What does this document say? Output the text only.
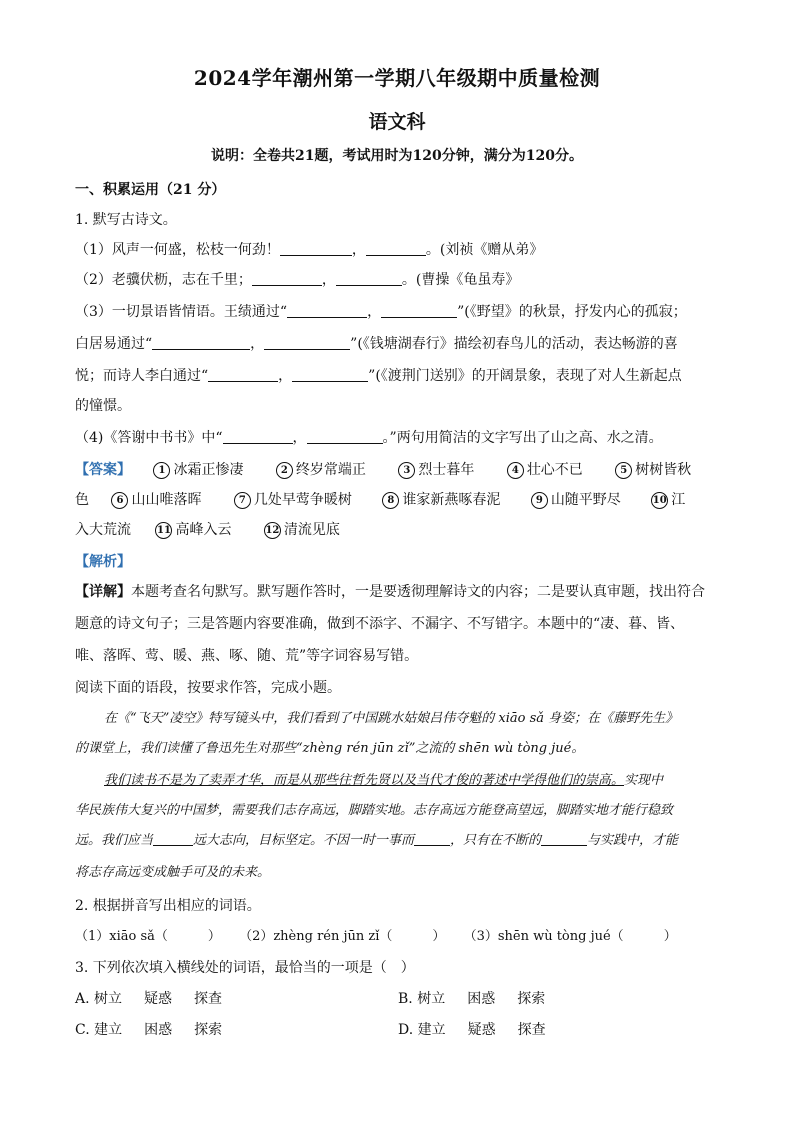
2024学年潮州第一学期八年级期中质量检测
语文科
说明：全卷共21题，考试用时为120分钟，满分为120分。
一、积累运用（21 分）
1. 默写古诗文。
（1）风声一何盛，松枝一何劲！	，	。(刘祯《赠从弟》
（2）老骥伏枥，志在千里；	，	。(曹操《龟虽寿》
（3）一切景语皆情语。王绩通过“	，	”(《野望》的秋景，抒发内心的孤寂；
白居易通过“	，	”(《钱塘湖春行》描绘初春鸟儿的活动，表达畅游的喜
悦；而诗人李白通过“	，	”(《渡荆门送别》的开阔景象，表现了对人生新起点
的憧憬。
（4)《答谢中书书》中“	，	。”两句用简洁的文字写出了山之高、水之清。
【答案】	1 冰霜正惨凄	2 终岁常端正	3 烈士暮年	4 壮心不已	5 树树皆秋
色	6 山山唯落晖	7 几处早莺争暖树	8 谁家新燕啄春泥	9 山随平野尽	10 江
入大荒流	11 高峰入云	12 清流见底
【解析】
【详解】本题考查名句默写。默写题作答时，一是要透彻理解诗文的内容；二是要认真审题，找出符合
题意的诗文句子；三是答题内容要准确，做到不添字、不漏字、不写错字。本题中的“凄、暮、皆、
唯、落晖、莺、暖、燕、啄、随、荒”等字词容易写错。
阅读下面的语段，按要求作答，完成小题。
在《“飞天”凌空》特写镜头中，我们看到了中国跳水姑娘吕伟夺魁的 xiāo sǎ 身姿；在《藤野先生》
的课堂上，我们读懂了鲁迅先生对那些“zhèng rén jūn zǐ”之流的 shēn wù tòng jué。
我们读书不是为了卖弄才华，而是从那些往哲先贤以及当代才俊的著述中学得他们的崇高。实现中
华民族伟大复兴的中国梦，需要我们志存高远，脚踏实地。志存高远方能登高望远，脚踏实地才能行稳致
远。我们应当	远大志向，目标坚定。不因一时一事而	，只有在不断的	与实践中，才能
将志存高远变成触手可及的未来。
2. 根据拼音写出相应的词语。
（1）xiāo sǎ（	） （2）zhèng rén jūn zǐ（	） （3）shēn wù tòng jué（	）
3. 下列依次填入横线处的词语，最恰当的一项是（　）
A. 树立 疑惑 探查	B. 树立 困惑 探索
C. 建立 困惑 探索	D. 建立 疑惑 探查
